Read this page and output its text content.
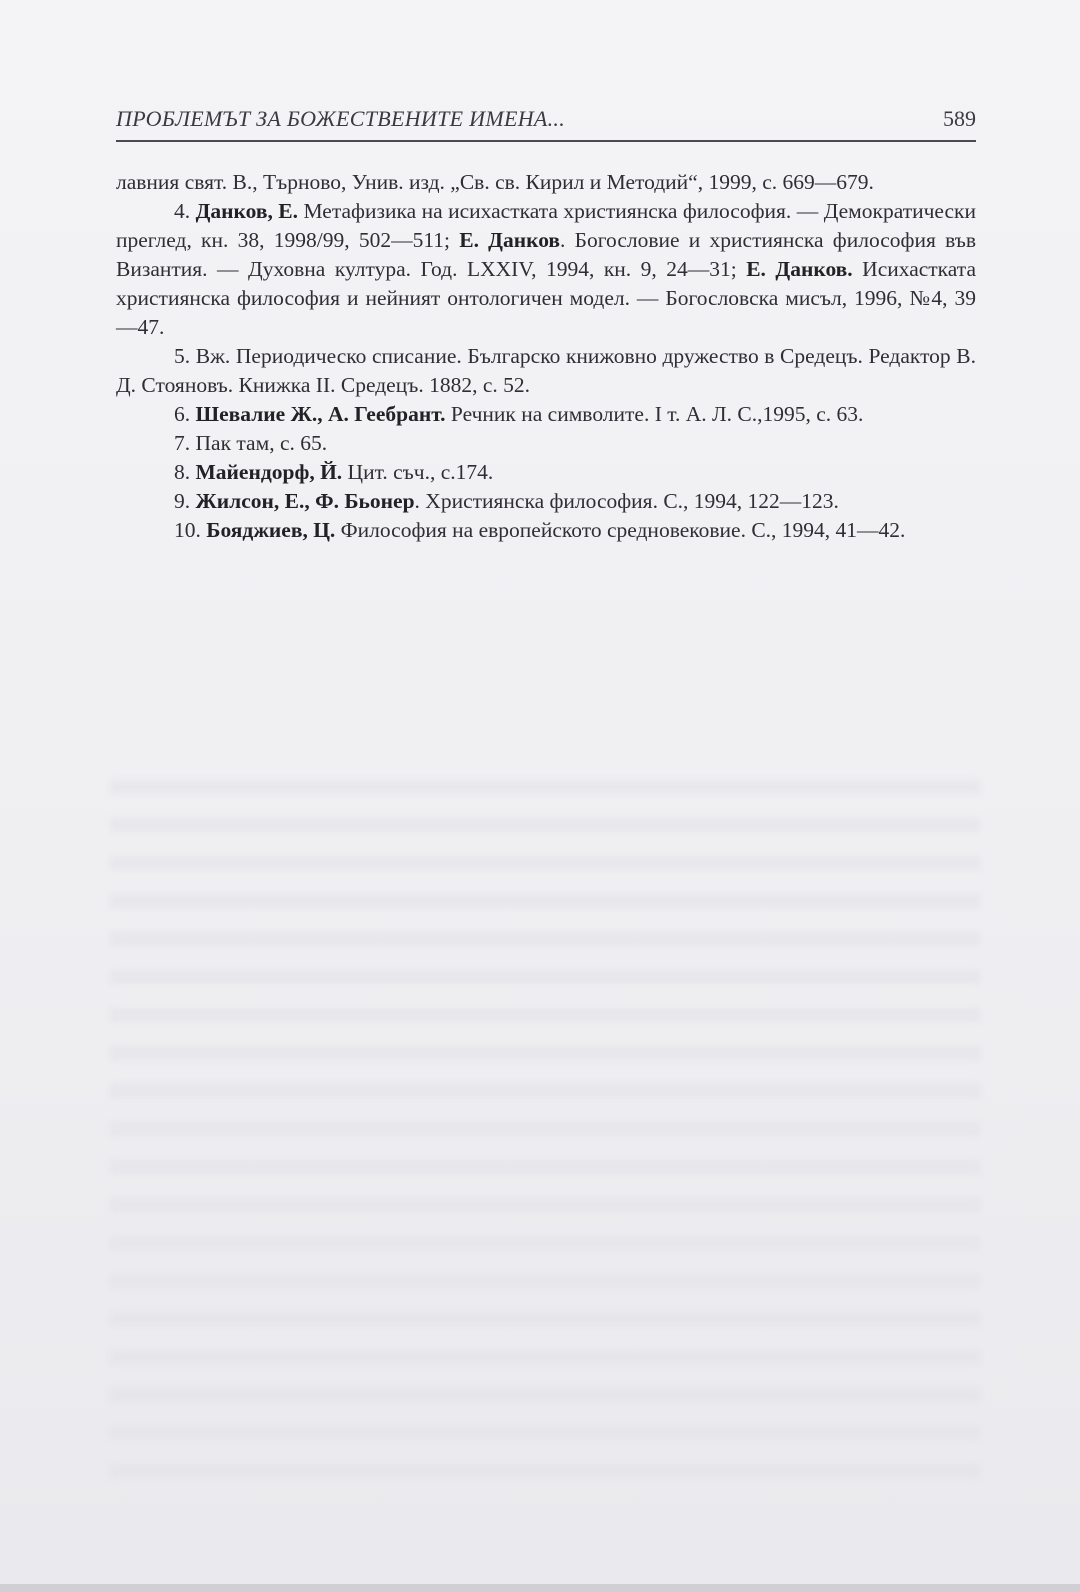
ПРОБЛЕМЪТ ЗА БОЖЕСТВЕНИТЕ ИМЕНА...	589

лавния свят. В., Търново, Унив. изд. „Св. св. Кирил и Методий“, 1999, с. 669—679.

4. Данков, Е. Метафизика на исихастката християнска философия. — Демократически преглед, кн. 38, 1998/99, 502—511; Е. Данков. Богословие и християнска философия във Византия. — Духовна култура. Год. LXXIV, 1994, кн. 9, 24—31; Е. Данков. Исихастката християнска философия и нейният онтологичен модел. — Богословска мисъл, 1996, №4, 39—47.

5. Вж. Периодическо списание. Българско книжовно дружество в Средецъ. Редактор В. Д. Стояновъ. Книжка II. Средецъ. 1882, с. 52.

6. Шевалие Ж., А. Геебрант. Речник на символите. I т. А. Л. С.,1995, с. 63.

7. Пак там, с. 65.

8. Майендорф, Й. Цит. съч., с.174.

9. Жилсон, Е., Ф. Бьонер. Християнска философия. С., 1994, 122—123.

10. Бояджиев, Ц. Философия на европейското средновековие. С., 1994, 41—42.
